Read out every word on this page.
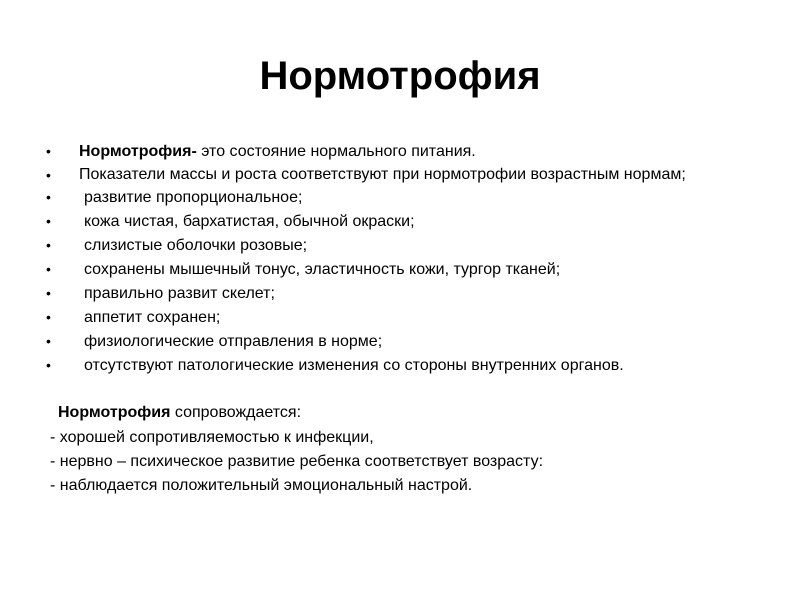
Нормотрофия
• Нормотрофия- это состояние нормального питания.
• Показатели массы и роста соответствуют при нормотрофии возрастным нормам;
• развитие пропорциональное;
• кожа чистая, бархатистая, обычной окраски;
• слизистые оболочки розовые;
• сохранены мышечный тонус, эластичность кожи, тургор тканей;
• правильно развит скелет;
• аппетит сохранен;
• физиологические отправления в норме;
• отсутствуют патологические изменения со стороны внутренних органов.

Нормотрофия сопровождается:

- хорошей сопротивляемостью к инфекции,

- нервно – психическое развитие ребенка соответствует возрасту:

- наблюдается положительный эмоциональный настрой.
